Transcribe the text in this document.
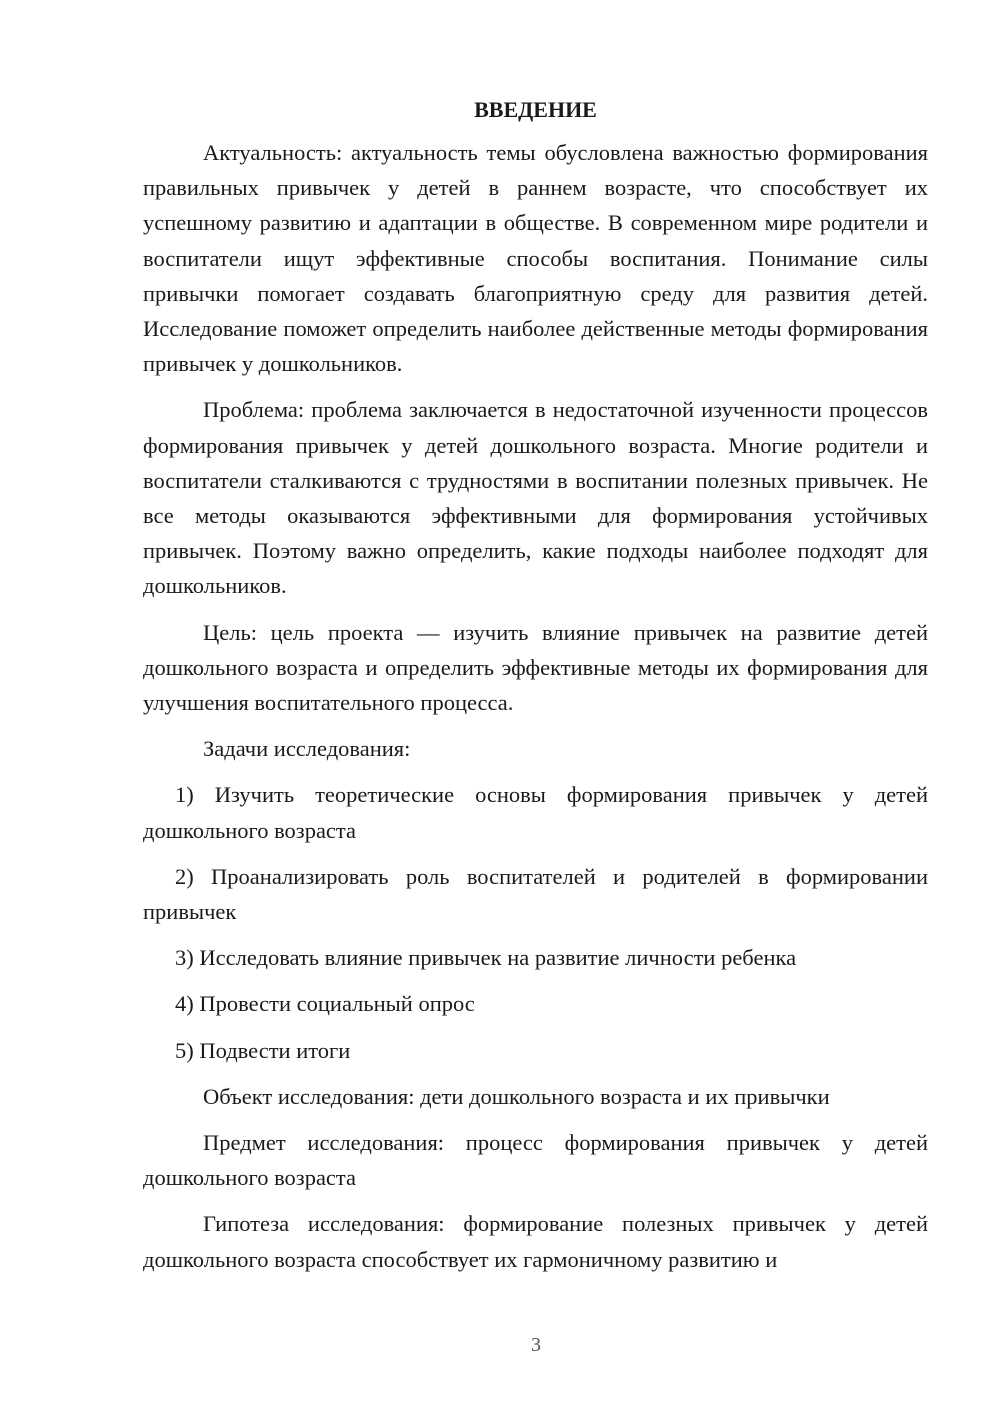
ВВЕДЕНИЕ

Актуальность: актуальность темы обусловлена важностью формирования правильных привычек у детей в раннем возрасте, что способствует их успешному развитию и адаптации в обществе. В современном мире родители и воспитатели ищут эффективные способы воспитания. Понимание силы привычки помогает создавать благоприятную среду для развития детей. Исследование поможет определить наиболее действенные методы формирования привычек у дошкольников.

Проблема: проблема заключается в недостаточной изученности процессов формирования привычек у детей дошкольного возраста. Многие родители и воспитатели сталкиваются с трудностями в воспитании полезных привычек. Не все методы оказываются эффективными для формирования устойчивых привычек. Поэтому важно определить, какие подходы наиболее подходят для дошкольников.

Цель: цель проекта — изучить влияние привычек на развитие детей дошкольного возраста и определить эффективные методы их формирования для улучшения воспитательного процесса.

Задачи исследования:

1) Изучить теоретические основы формирования привычек у детей дошкольного возраста

2) Проанализировать роль воспитателей и родителей в формировании привычек

3) Исследовать влияние привычек на развитие личности ребенка

4) Провести социальный опрос

5) Подвести итоги

Объект исследования: дети дошкольного возраста и их привычки

Предмет исследования: процесс формирования привычек у детей дошкольного возраста

Гипотеза исследования: формирование полезных привычек у детей дошкольного возраста способствует их гармоничному развитию и

3
